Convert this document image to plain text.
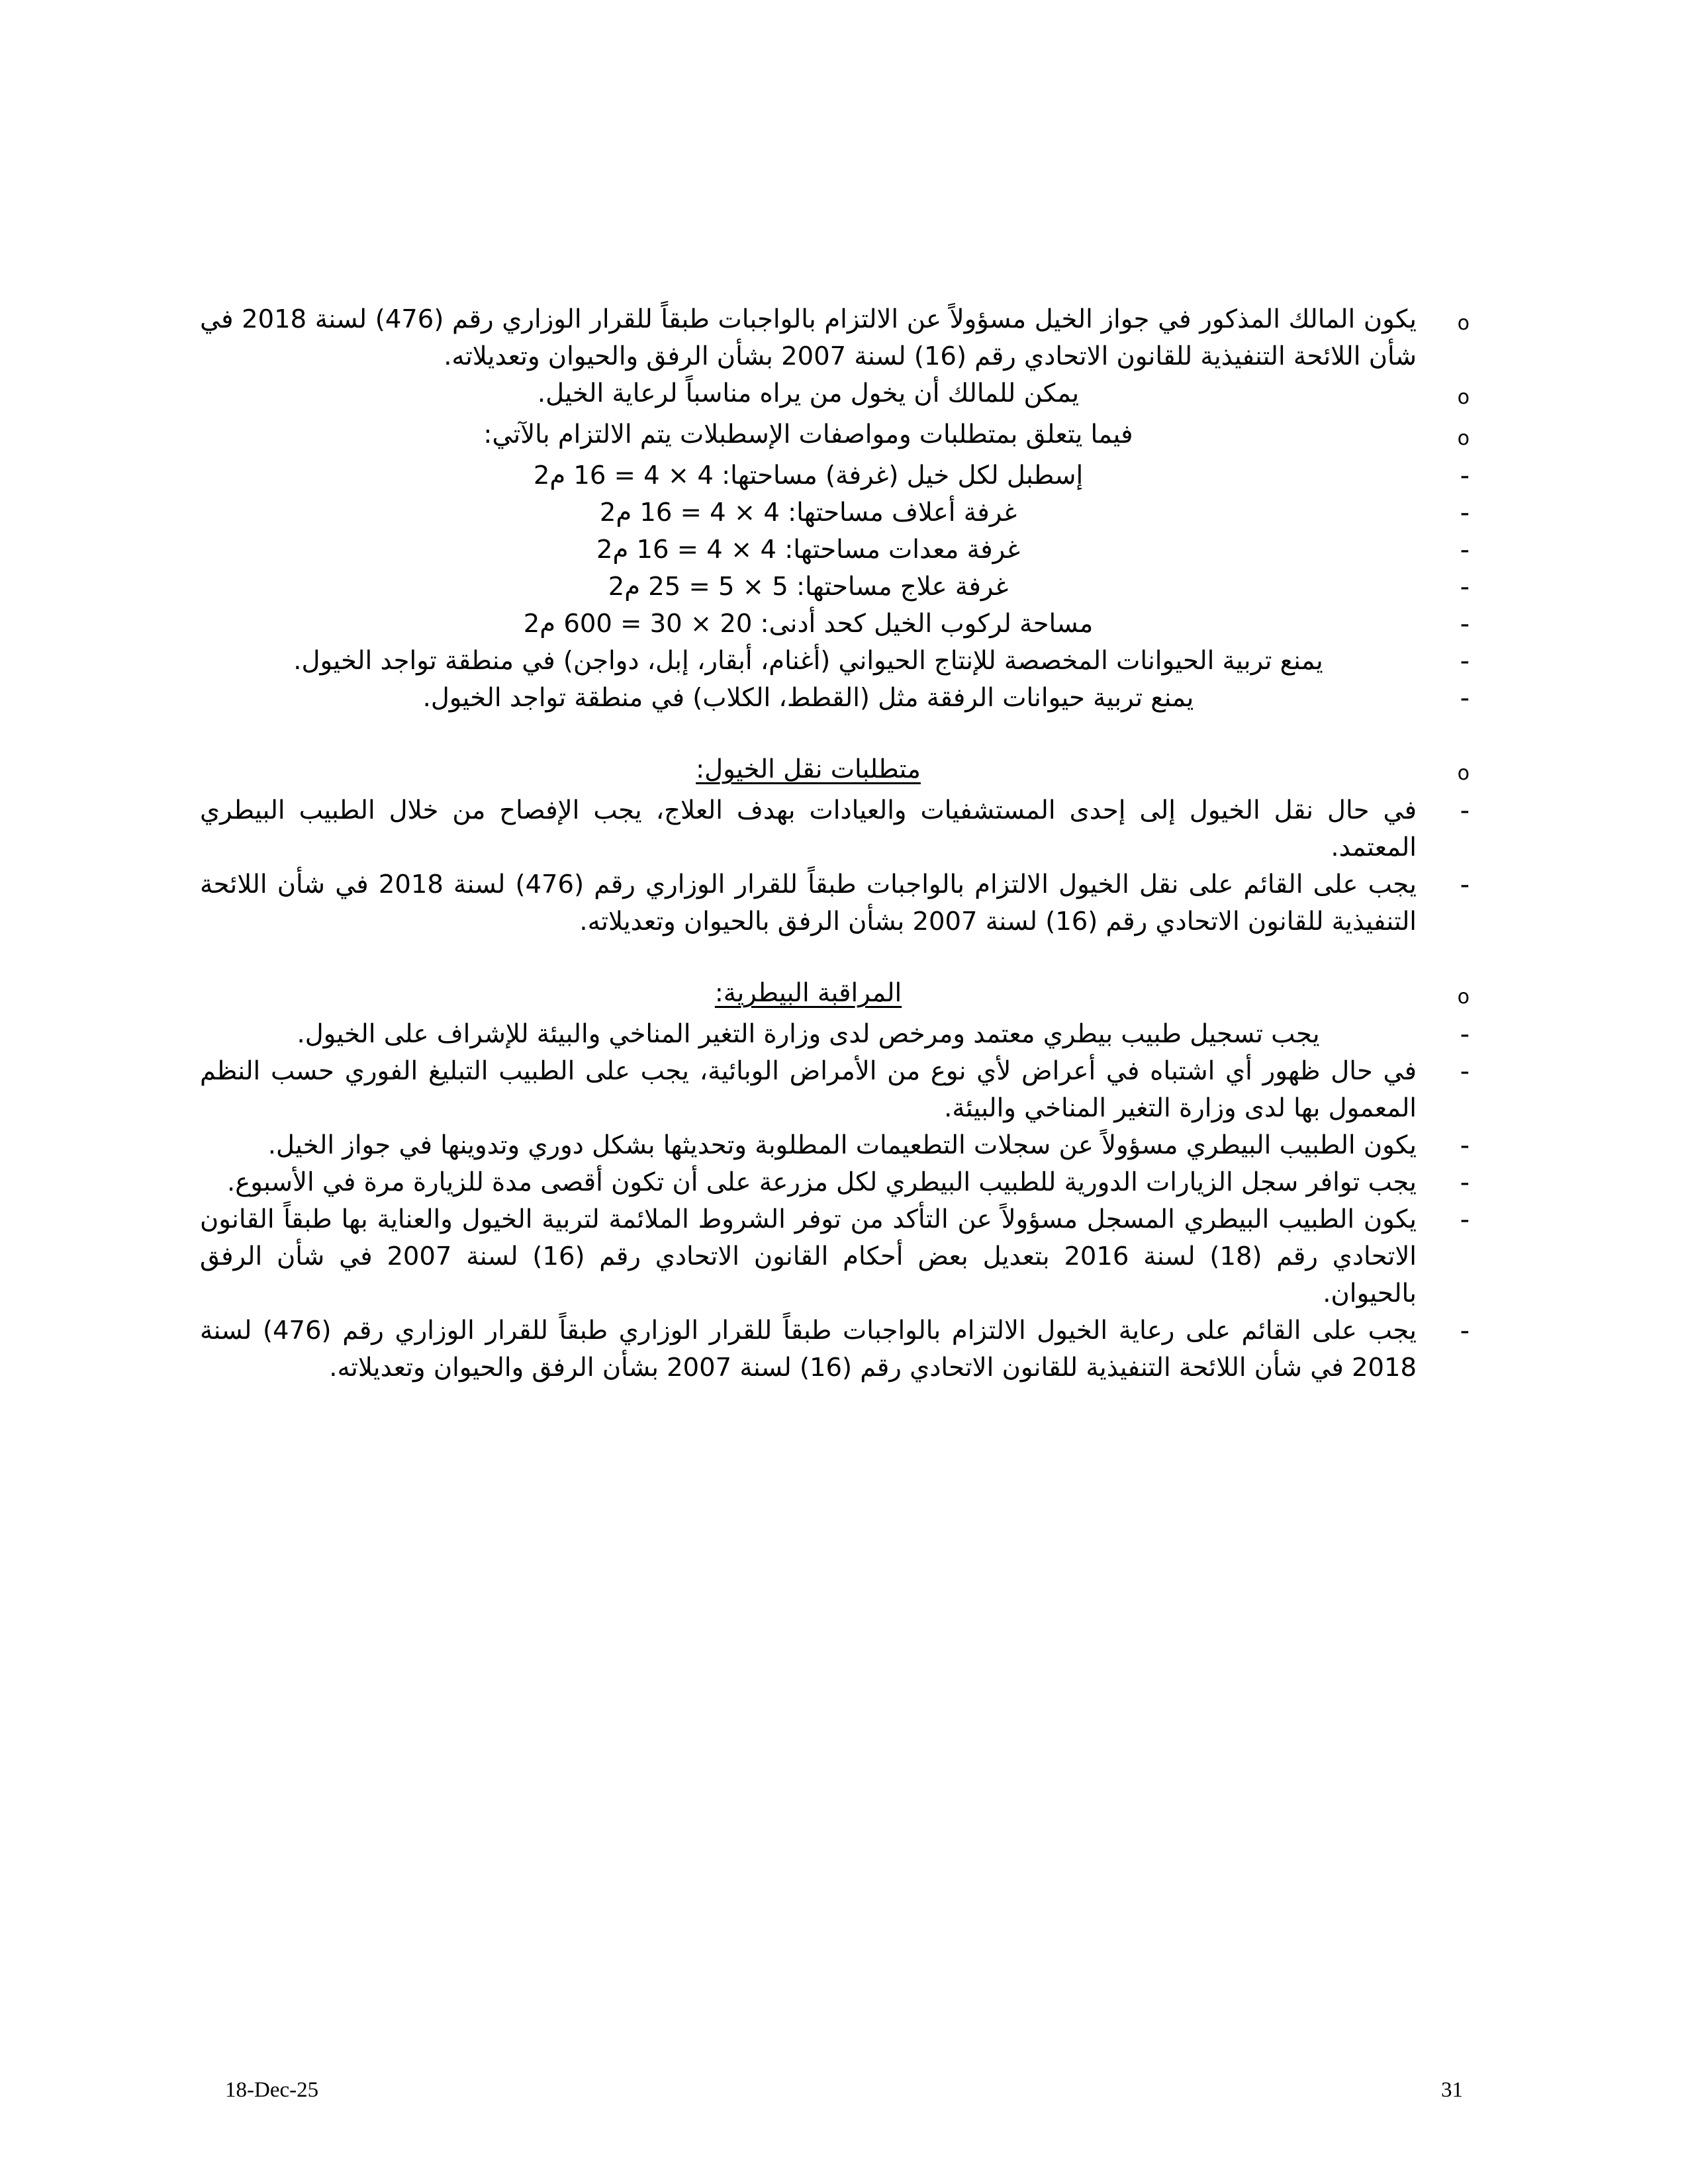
o
يكون المالك المذكور في جواز الخيل مسؤولاً عن الالتزام بالواجبات طبقاً للقرار الوزاري رقم (476) لسنة 2018 في شأن اللائحة التنفيذية للقانون الاتحادي رقم (16) لسنة 2007 بشأن الرفق والحيوان وتعديلاته.
o
يمكن للمالك أن يخول من يراه مناسباً لرعاية الخيل.
o
فيما يتعلق بمتطلبات ومواصفات الإسطبلات يتم الالتزام بالآتي:
-
إسطبل لكل خيل (غرفة) مساحتها: 4 × 4 = 16 م2
-
غرفة أعلاف مساحتها: 4 × 4 = 16 م2
-
غرفة معدات مساحتها: 4 × 4 = 16 م2
-
غرفة علاج مساحتها: 5 × 5 = 25 م2
-
مساحة لركوب الخيل كحد أدنى: 20 × 30 = 600 م2
-
يمنع تربية الحيوانات المخصصة للإنتاج الحيواني (أغنام، أبقار، إبل، دواجن) في منطقة تواجد الخيول.
-
يمنع تربية حيوانات الرفقة مثل (القطط، الكلاب) في منطقة تواجد الخيول.
o
متطلبات نقل الخيول:
-
في حال نقل الخيول إلى إحدى المستشفيات والعيادات بهدف العلاج، يجب الإفصاح من خلال الطبيب البيطري المعتمد.
-
يجب على القائم على نقل الخيول الالتزام بالواجبات طبقاً للقرار الوزاري رقم (476) لسنة 2018 في شأن اللائحة التنفيذية للقانون الاتحادي رقم (16) لسنة 2007 بشأن الرفق بالحيوان وتعديلاته.
o
المراقبة البيطرية:
-
يجب تسجيل طبيب بيطري معتمد ومرخص لدى وزارة التغير المناخي والبيئة للإشراف على الخيول.
-
في حال ظهور أي اشتباه في أعراض لأي نوع من الأمراض الوبائية، يجب على الطبيب التبليغ الفوري حسب النظم المعمول بها لدى وزارة التغير المناخي والبيئة.
-
يكون الطبيب البيطري مسؤولاً عن سجلات التطعيمات المطلوبة وتحديثها بشكل دوري وتدوينها في جواز الخيل.
-
يجب توافر سجل الزيارات الدورية للطبيب البيطري لكل مزرعة على أن تكون أقصى مدة للزيارة مرة في الأسبوع.
-
يكون الطبيب البيطري المسجل مسؤولاً عن التأكد من توفر الشروط الملائمة لتربية الخيول والعناية بها طبقاً القانون الاتحادي رقم (18) لسنة 2016 بتعديل بعض أحكام القانون الاتحادي رقم (16) لسنة 2007 في شأن الرفق بالحيوان.
-
يجب على القائم على رعاية الخيول الالتزام بالواجبات طبقاً للقرار الوزاري طبقاً للقرار الوزاري رقم (476) لسنة 2018 في شأن اللائحة التنفيذية للقانون الاتحادي رقم (16) لسنة 2007 بشأن الرفق والحيوان وتعديلاته.
18-Dec-25	31
